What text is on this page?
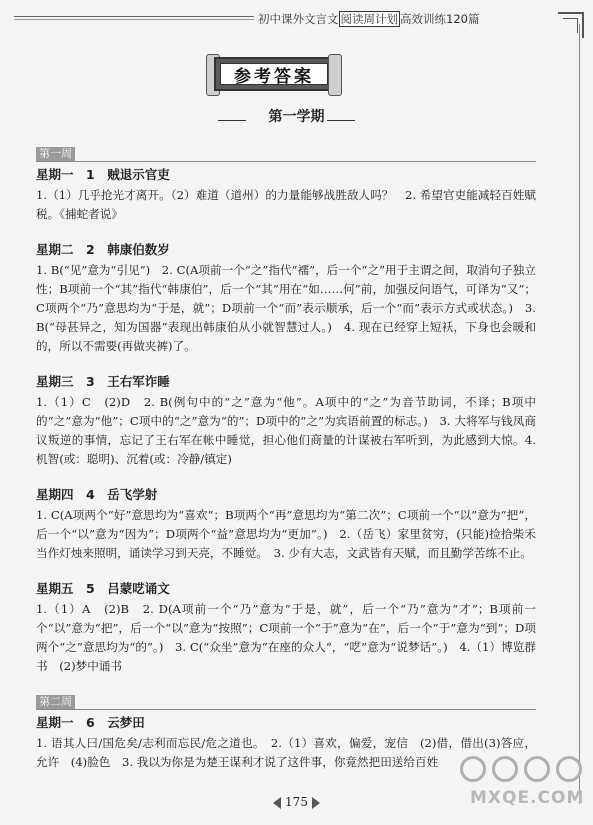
初中课外文言文 阅读周计划 高效训练120篇
参考答案
第一学期
第一周
星期一　1　贼退示官吏

1.（1）几乎抢光才离开。（2）难道（道州）的力量能够战胜敌人吗？　2. 希望官吏能减轻百姓赋税。《捕蛇者说》

星期二　2　韩康伯数岁

1. B(“见”意为“引见”)　2. C(A项前一个“之”指代“襦”，后一个“之”用于主谓之间，取消句子独立性；B项前一个“其”指代“韩康伯”，后一个“其”用在“如……何”前，加强反问语气，可译为“又”；C项两个“乃”意思均为“于是，就”；D项前一个“而”表示顺承，后一个“而”表示方式或状态。)　3. B(“母甚异之，知为国器”表现出韩康伯从小就智慧过人。)　4. 现在已经穿上短袄，下身也会暖和的，所以不需要(再做夹裤)了。

星期三　3　王右军诈睡

1.（1）C　(2)D　2. B(例句中的“之”意为“他”。A项中的“之”为音节助词，不译；B项中的“之”意为“他”；C项中的“之”意为“的”；D项中的“之”为宾语前置的标志。)　3. 大将军与钱凤商议叛逆的事情，忘记了王右军在帐中睡觉，担心他们商量的计谋被右军听到，为此感到大惊。4. 机智(或：聪明)、沉着(或：冷静/镇定)

星期四　4　岳飞学射

1. C(A项两个“好”意思均为“喜欢”；B项两个“再”意思均为“第二次”；C项前一个“以”意为“把”，后一个“以”意为“因为”；D项两个“益”意思均为“更加”。)　2.（岳飞）家里贫穷，(只能)捡拾柴禾当作灯烛来照明，诵读学习到天亮，不睡觉。　3. 少有大志，文武皆有天赋，而且勤学苦练不止。

星期五　5　吕蒙呓诵文

1.（1）A　(2)B　2. D(A项前一个“乃”意为“于是，就”，后一个“乃”意为“才”；B项前一个“以”意为“把”，后一个“以”意为“按照”；C项前一个“于”意为“在”，后一个“于”意为“到”；D项两个“之”意思均为“的”。)　3. C(“众坐”意为“在座的众人”，“呓”意为“说梦话”。)　4.（1）博览群书　(2)梦中诵书

第二周
星期一　6　云梦田

1. 语其人曰/国危矣/志利而忘民/危之道也。　2.（1）喜欢，偏爱，宠信　(2)借，借出(3)答应，允许　(4)脸色　3. 我以为你是为楚王谋利才说了这件事，你竟然把田送给百姓

175	MXQE.COM
